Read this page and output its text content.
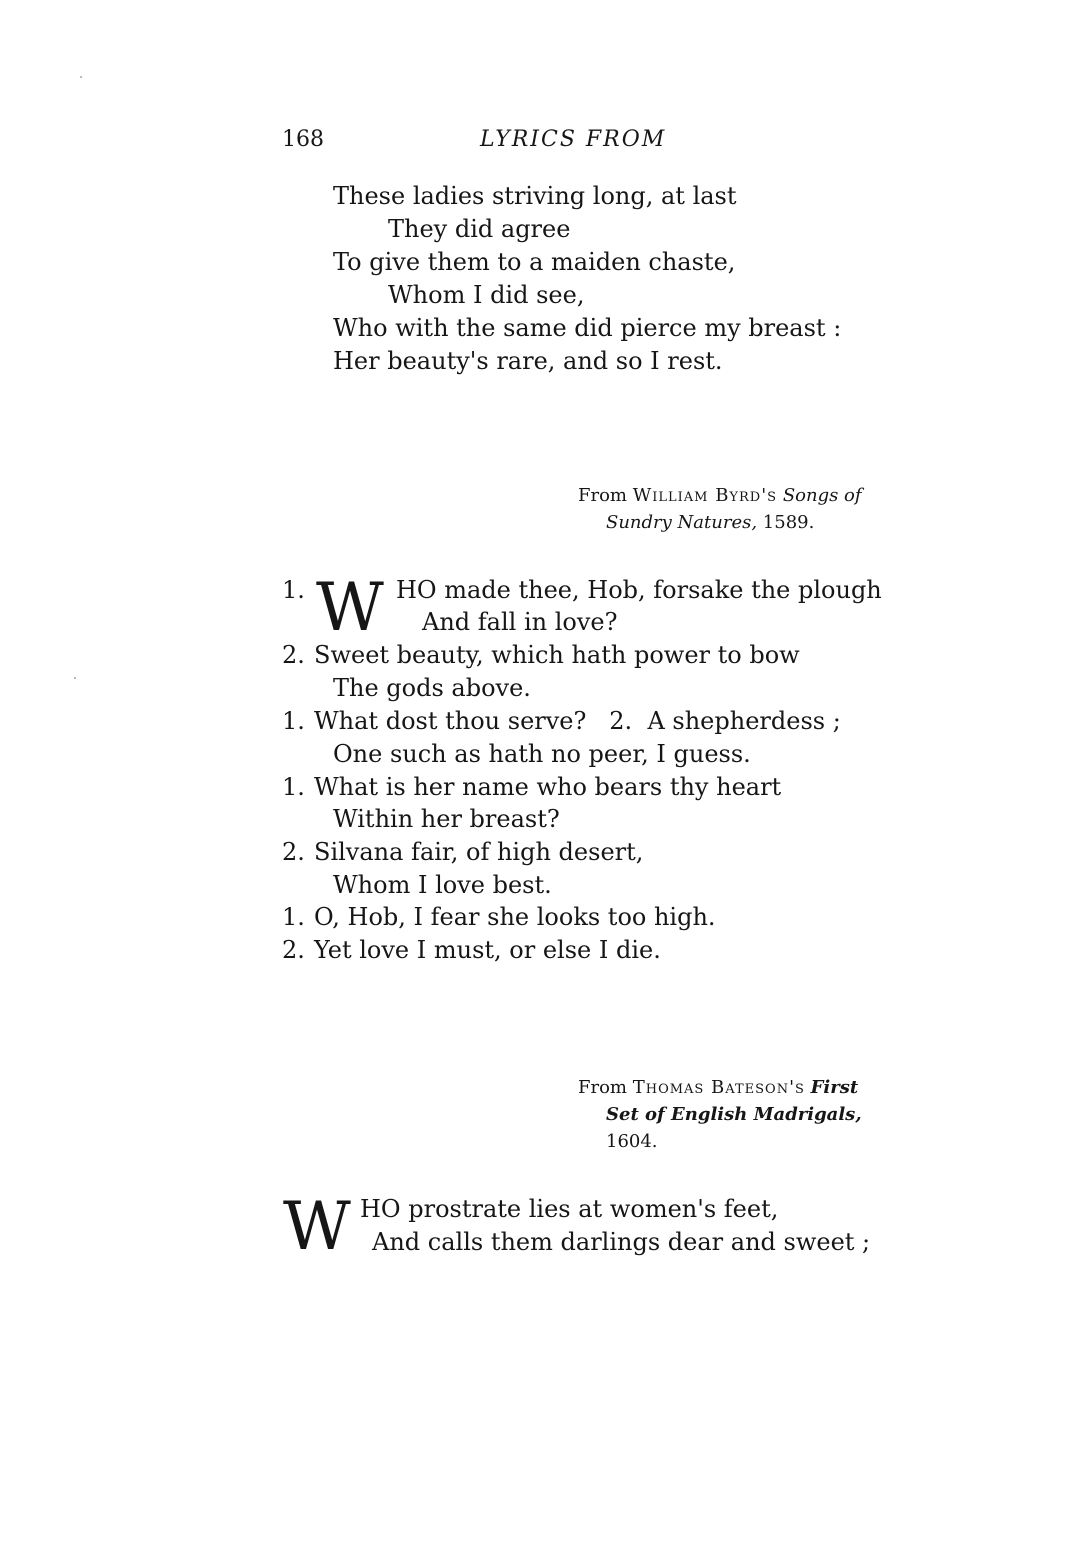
168	LYRICS FROM
These ladies striving long, at last
They did agree
To give them to a maiden chaste,
Whom I did see,
Who with the same did pierce my breast :
Her beauty's rare, and so I rest.
From William Byrd's Songs of
Sundry Natures, 1589.
1. W HO made thee, Hob, forsake the plough
And fall in love?
2. Sweet beauty, which hath power to bow
The gods above.
1. What dost thou serve? 2. A shepherdess ;
One such as hath no peer, I guess.
1. What is her name who bears thy heart
Within her breast?
2. Silvana fair, of high desert,
Whom I love best.
1. O, Hob, I fear she looks too high.
2. Yet love I must, or else I die.
From Thomas Bateson's First
Set of English Madrigals,
1604.
W HO prostrate lies at women's feet,
And calls them darlings dear and sweet ;
